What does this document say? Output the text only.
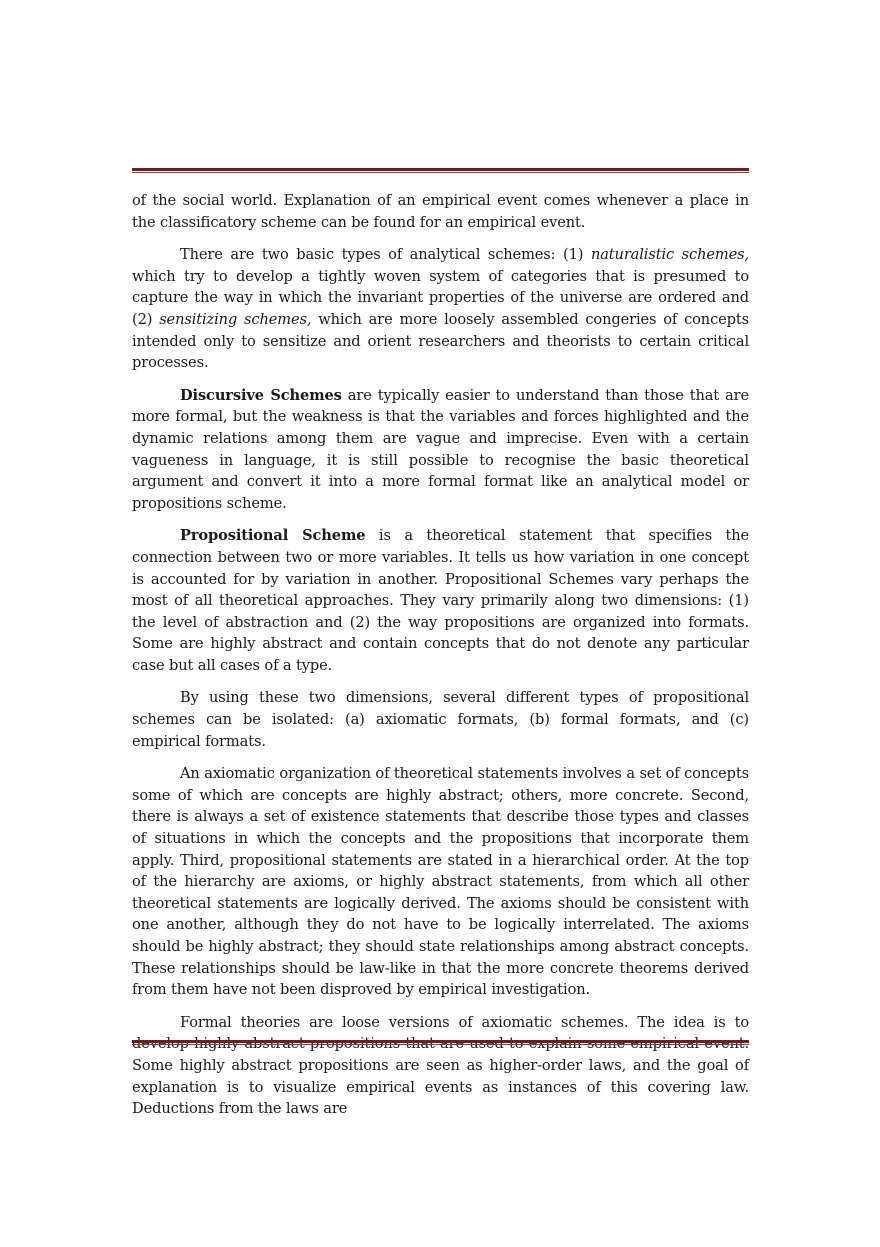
of the social world. Explanation of an empirical event comes whenever a place in the classificatory scheme can be found for an empirical event.

There are two basic types of analytical schemes: (1) naturalistic schemes, which try to develop a tightly woven system of categories that is presumed to capture the way in which the invariant properties of the universe are ordered and (2) sensitizing schemes, which are more loosely assembled congeries of concepts intended only to sensitize and orient researchers and theorists to certain critical processes.

Discursive Schemes are typically easier to understand than those that are more formal, but the weakness is that the variables and forces highlighted and the dynamic relations among them are vague and imprecise. Even with a certain vagueness in language, it is still possible to recognise the basic theoretical argument and convert it into a more formal format like an analytical model or propositions scheme.

Propositional Scheme is a theoretical statement that specifies the connection between two or more variables. It tells us how variation in one concept is accounted for by variation in another. Propositional Schemes vary perhaps the most of all theoretical approaches. They vary primarily along two dimensions: (1) the level of abstraction and (2) the way propositions are organized into formats. Some are highly abstract and contain concepts that do not denote any particular case but all cases of a type.

By using these two dimensions, several different types of propositional schemes can be isolated: (a) axiomatic formats, (b) formal formats, and (c) empirical formats.

An axiomatic organization of theoretical statements involves a set of concepts some of which are concepts are highly abstract; others, more concrete. Second, there is always a set of existence statements that describe those types and classes of situations in which the concepts and the propositions that incorporate them apply. Third, propositional statements are stated in a hierarchical order. At the top of the hierarchy are axioms, or highly abstract statements, from which all other theoretical statements are logically derived. The axioms should be consistent with one another, although they do not have to be logically interrelated. The axioms should be highly abstract; they should state relationships among abstract concepts. These relationships should be law-like in that the more concrete theorems derived from them have not been disproved by empirical investigation.

Formal theories are loose versions of axiomatic schemes. The idea is to Some highly abstract propositions are seen as higher-order laws, and the goal of explanation is to visualize empirical events as instances of this covering law. Deductions from the laws are
